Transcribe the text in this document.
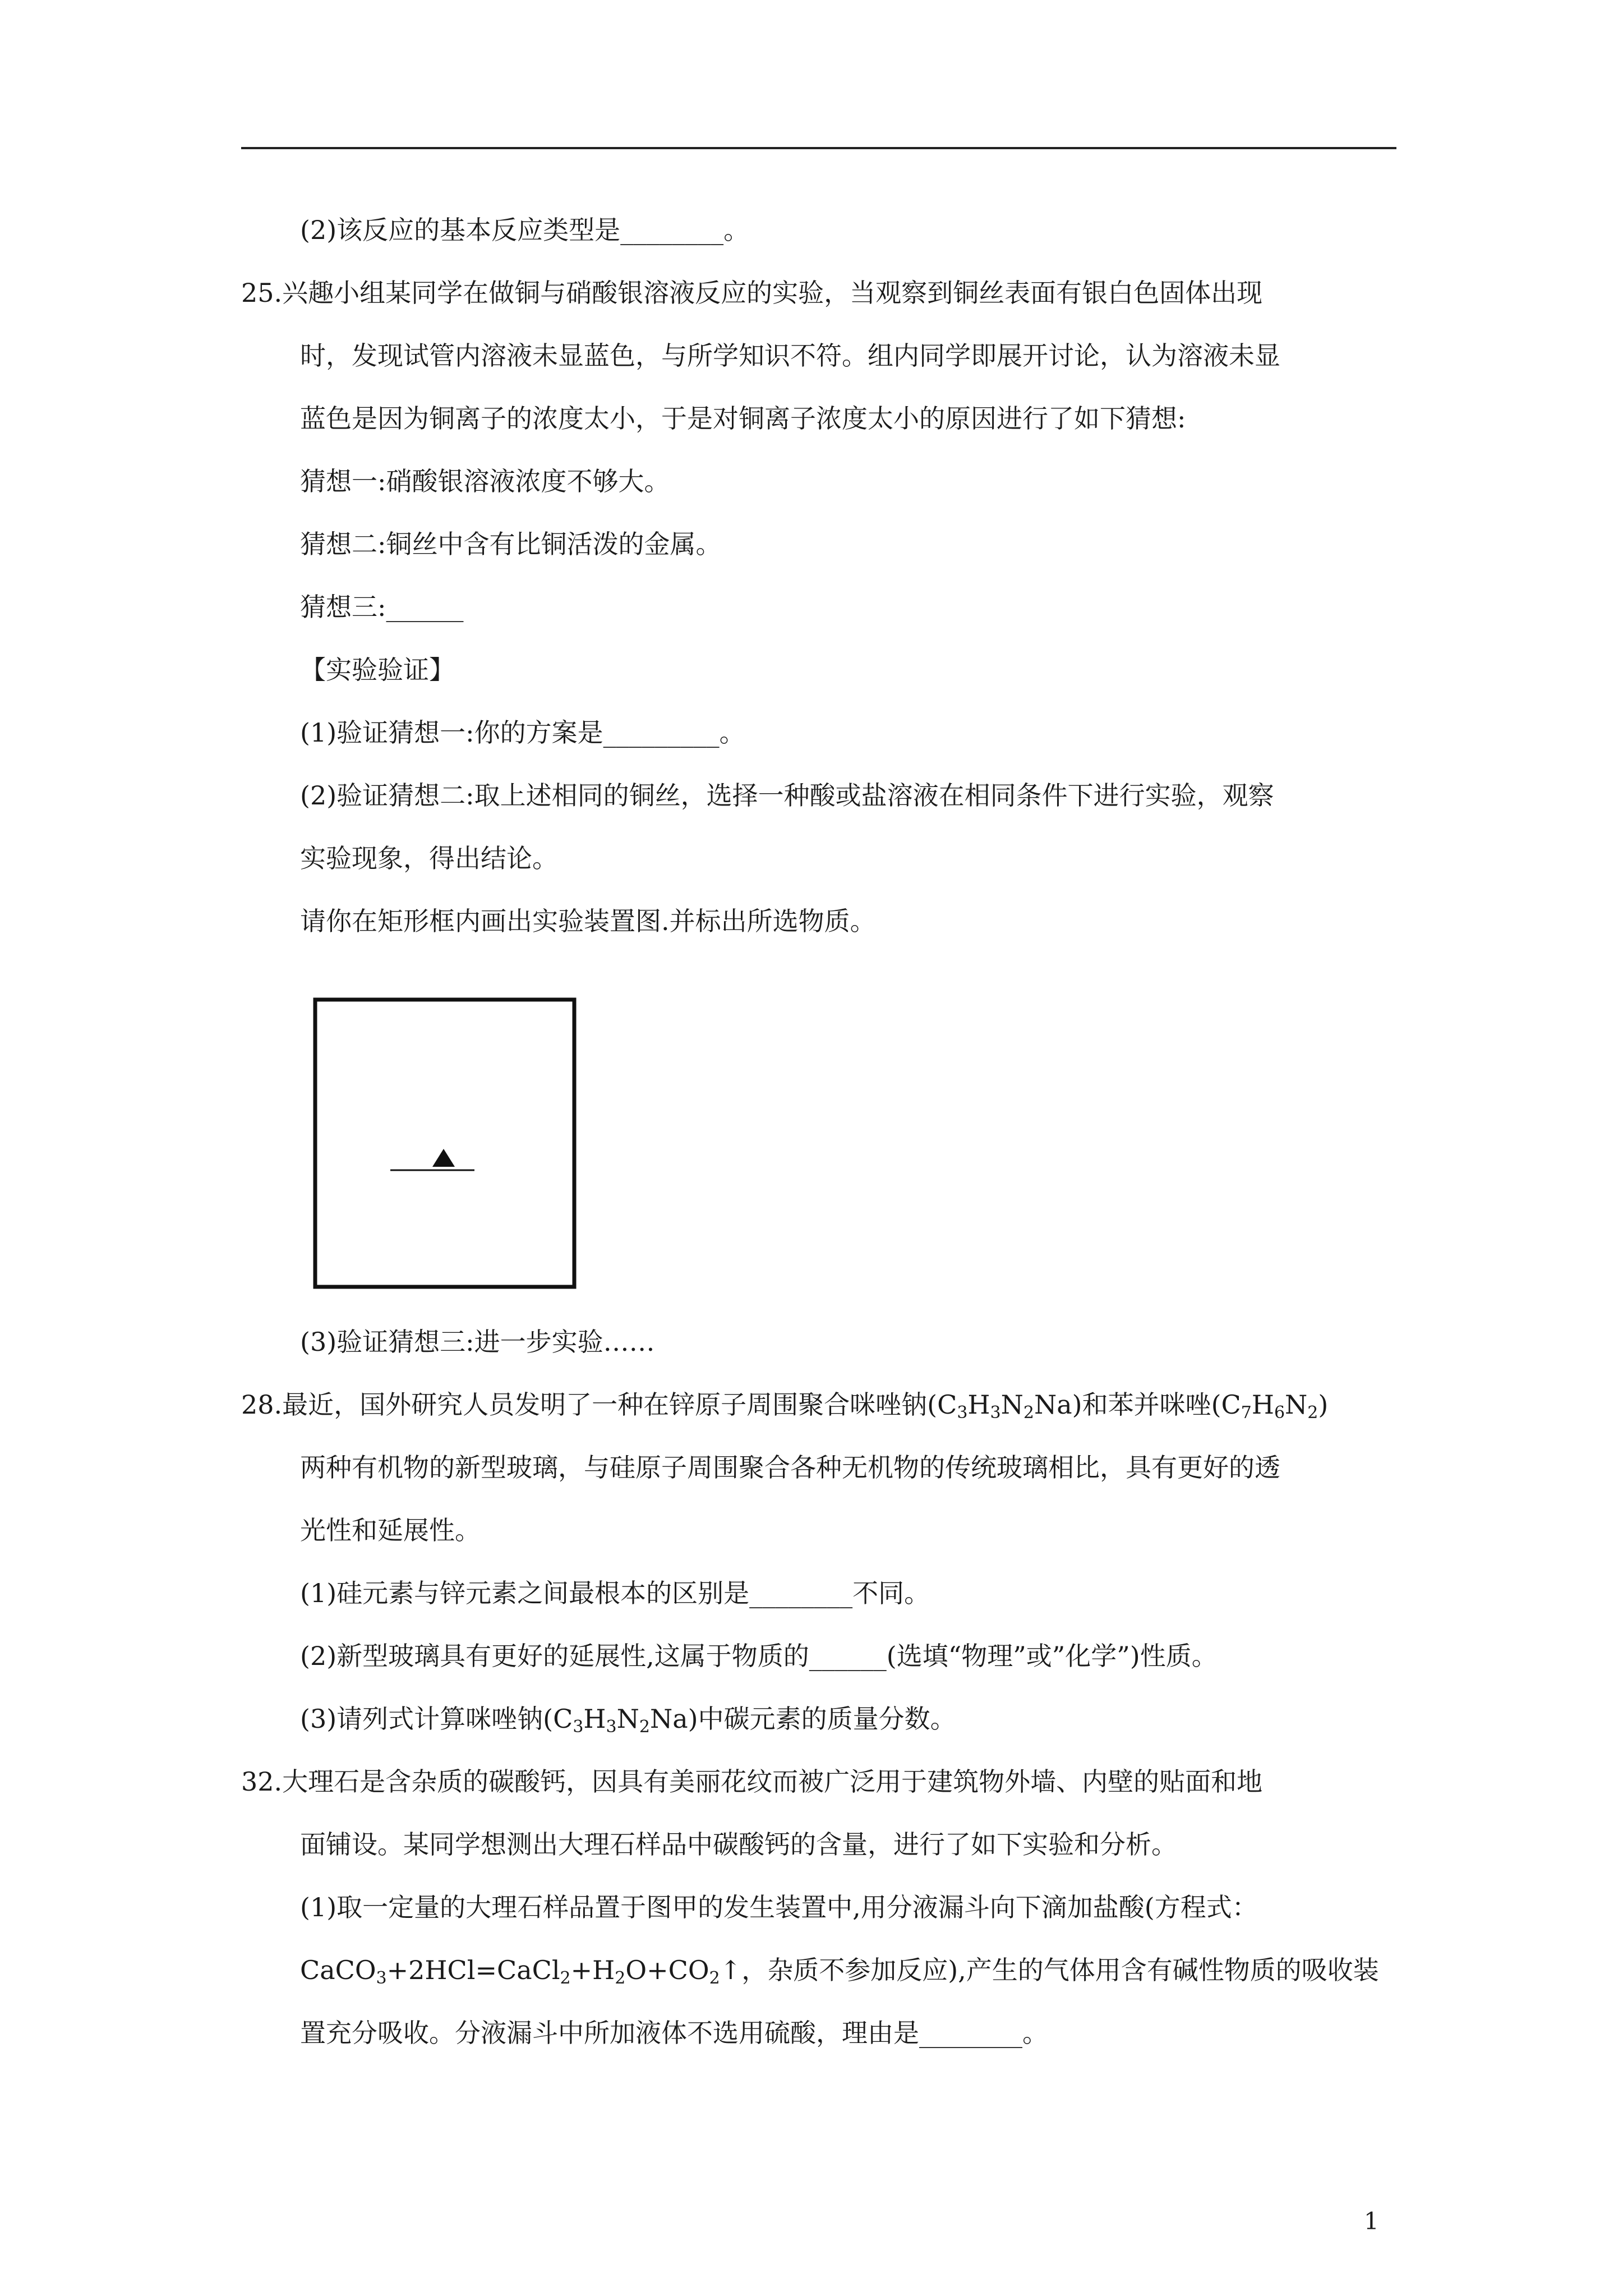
(2)该反应的基本反应类型是________。
25.兴趣小组某同学在做铜与硝酸银溶液反应的实验，当观察到铜丝表面有银白色固体出现
时，发现试管内溶液未显蓝色，与所学知识不符。组内同学即展开讨论，认为溶液未显
蓝色是因为铜离子的浓度太小，于是对铜离子浓度太小的原因进行了如下猜想:
猜想一:硝酸银溶液浓度不够大。
猜想二:铜丝中含有比铜活泼的金属。
猜想三:______
【实验验证】
(1)验证猜想一:你的方案是_________。
(2)验证猜想二:取上述相同的铜丝，选择一种酸或盐溶液在相同条件下进行实验，观察
实验现象，得出结论。
请你在矩形框内画出实验装置图.并标出所选物质。
(3)验证猜想三:进一步实验……
28.最近，国外研究人员发明了一种在锌原子周围聚合咪唑钠$(C_3H_3N_2Na)$和苯并咪唑$(C_7H_6N_2)$
两种有机物的新型玻璃，与硅原子周围聚合各种无机物的传统玻璃相比，具有更好的透
光性和延展性。
(1)硅元素与锌元素之间最根本的区别是________不同。
(2)新型玻璃具有更好的延展性,这属于物质的______(选填“物理”或”化学”)性质。
(3)请列式计算咪唑钠$(C_3H_3N_2Na)$中碳元素的质量分数。
32.大理石是含杂质的碳酸钙，因具有美丽花纹而被广泛用于建筑物外墙、内壁的贴面和地
面铺设。某同学想测出大理石样品中碳酸钙的含量，进行了如下实验和分析。
(1)取一定量的大理石样品置于图甲的发生装置中,用分液漏斗向下滴加盐酸(方程式：
$CaCO_3+2HCl=CaCl_2+H_2O+CO_2↑$，杂质不参加反应),产生的气体用含有碱性物质的吸收装
置充分吸收。分液漏斗中所加液体不选用硫酸，理由是________。
1
